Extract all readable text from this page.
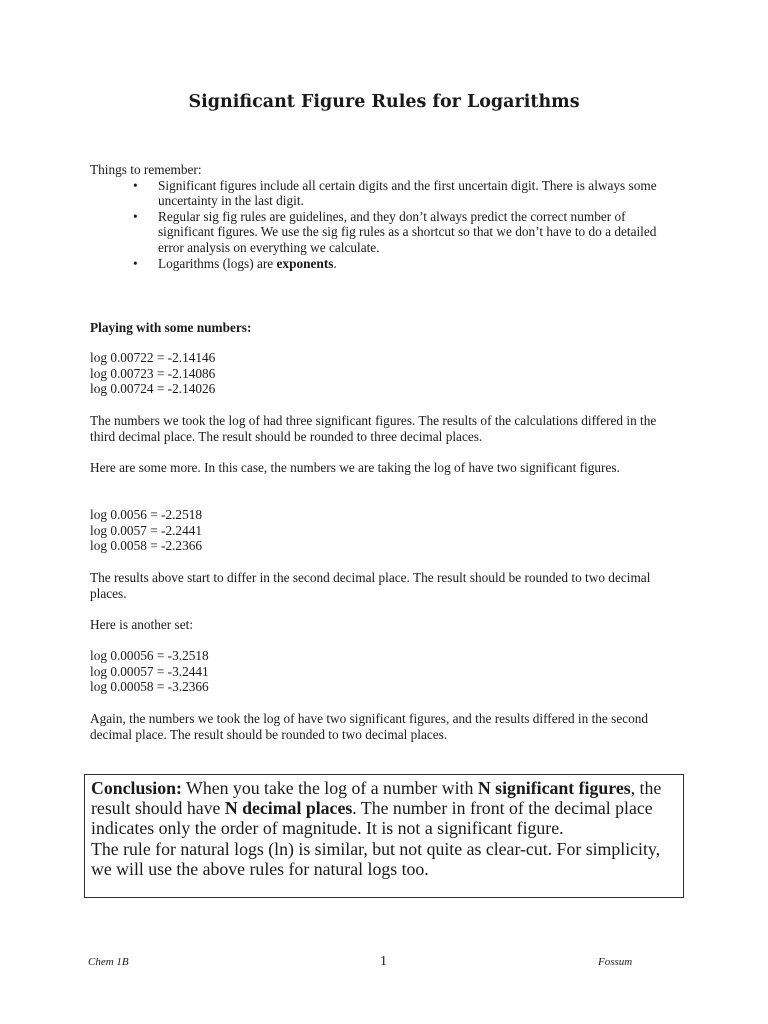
Significant Figure Rules for Logarithms

Things to remember:

• Significant figures include all certain digits and the first uncertain digit. There is always some uncertainty in the last digit.
• Regular sig fig rules are guidelines, and they don’t always predict the correct number of significant figures. We use the sig fig rules as a shortcut so that we don’t have to do a detailed error analysis on everything we calculate.
• Logarithms (logs) are exponents.
Playing with some numbers:
log 0.00722 = -2.14146
log 0.00723 = -2.14086
log 0.00724 = -2.14026
The numbers we took the log of had three significant figures. The results of the calculations differed in the third decimal place. The result should be rounded to three decimal places.
Here are some more. In this case, the numbers we are taking the log of have two significant figures.
log 0.0056 = -2.2518
log 0.0057 = -2.2441
log 0.0058 = -2.2366
The results above start to differ in the second decimal place. The result should be rounded to two decimal places.
Here is another set:
log 0.00056 = -3.2518
log 0.00057 = -3.2441
log 0.00058 = -3.2366
Again, the numbers we took the log of have two significant figures, and the results differed in the second decimal place. The result should be rounded to two decimal places.
Conclusion: When you take the log of a number with N significant figures, the result should have N decimal places. The number in front of the decimal place indicates only the order of magnitude. It is not a significant figure.
The rule for natural logs (ln) is similar, but not quite as clear-cut. For simplicity, we will use the above rules for natural logs too.
Chem 1B	1	Fossum
